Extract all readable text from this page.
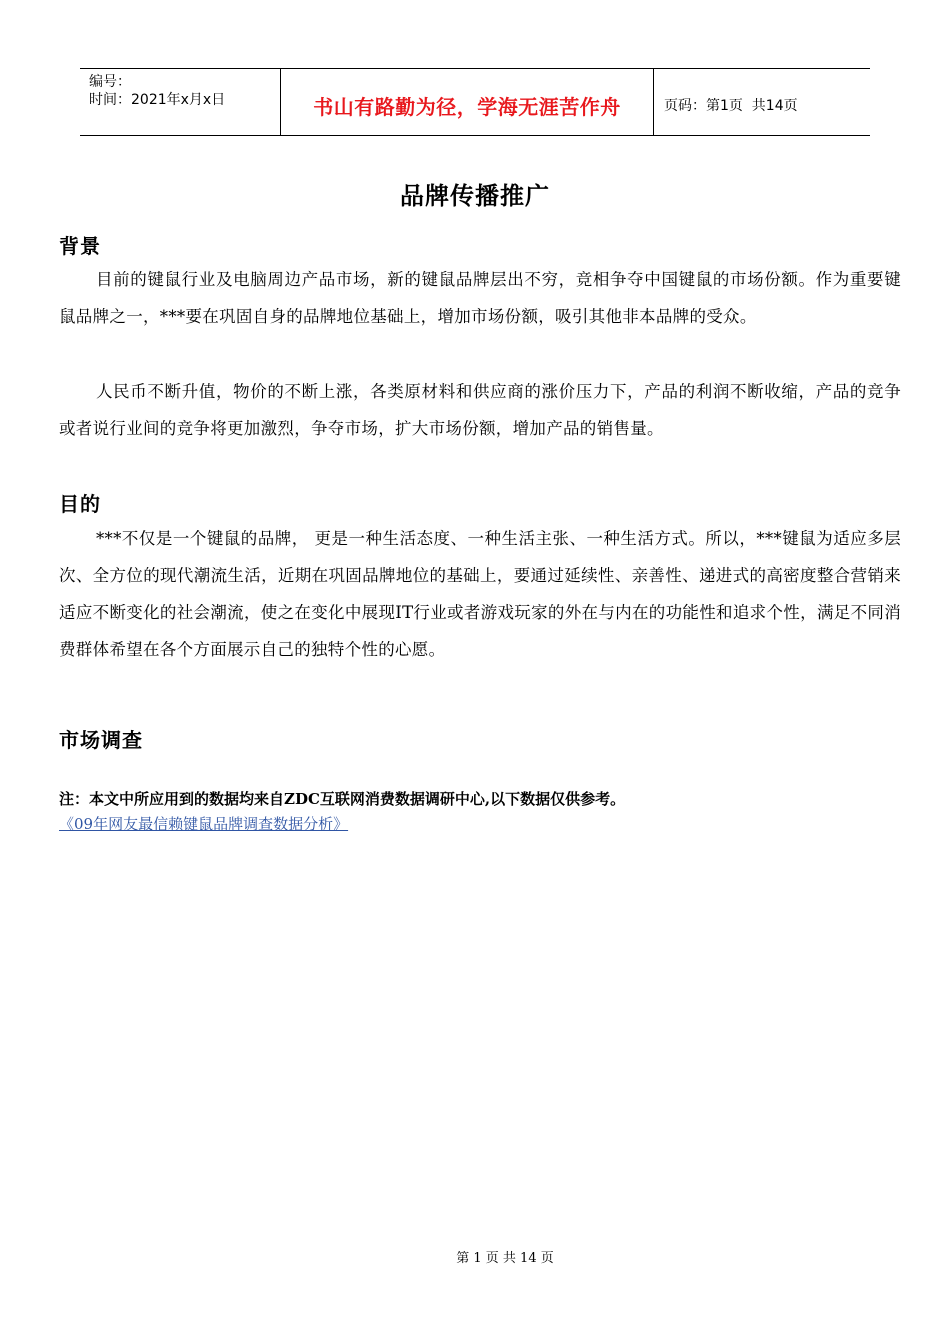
编号：
时间：2021年x月x日	书山有路勤为径，学海无涯苦作舟	页码：第1页  共14页
品牌传播推广
背景
目前的键鼠行业及电脑周边产品市场，新的键鼠品牌层出不穷，竞相争夺中国键鼠的市场份额。作为重要键鼠品牌之一，***要在巩固自身的品牌地位基础上，增加市场份额，吸引其他非本品牌的受众。
人民币不断升值，物价的不断上涨，各类原材料和供应商的涨价压力下，产品的利润不断收缩，产品的竞争或者说行业间的竞争将更加激烈，争夺市场，扩大市场份额，增加产品的销售量。
目的
***不仅是一个键鼠的品牌， 更是一种生活态度、一种生活主张、一种生活方式。所以，***键鼠为适应多层次、全方位的现代潮流生活，近期在巩固品牌地位的基础上，要通过延续性、亲善性、递进式的高密度整合营销来适应不断变化的社会潮流，使之在变化中展现IT行业或者游戏玩家的外在与内在的功能性和追求个性，满足不同消费群体希望在各个方面展示自己的独特个性的心愿。
市场调查
注：本文中所应用到的数据均来自ZDC互联网消费数据调研中心,以下数据仅供参考。
《09年网友最信赖键鼠品牌调查数据分析》
第 1 页 共 14 页
